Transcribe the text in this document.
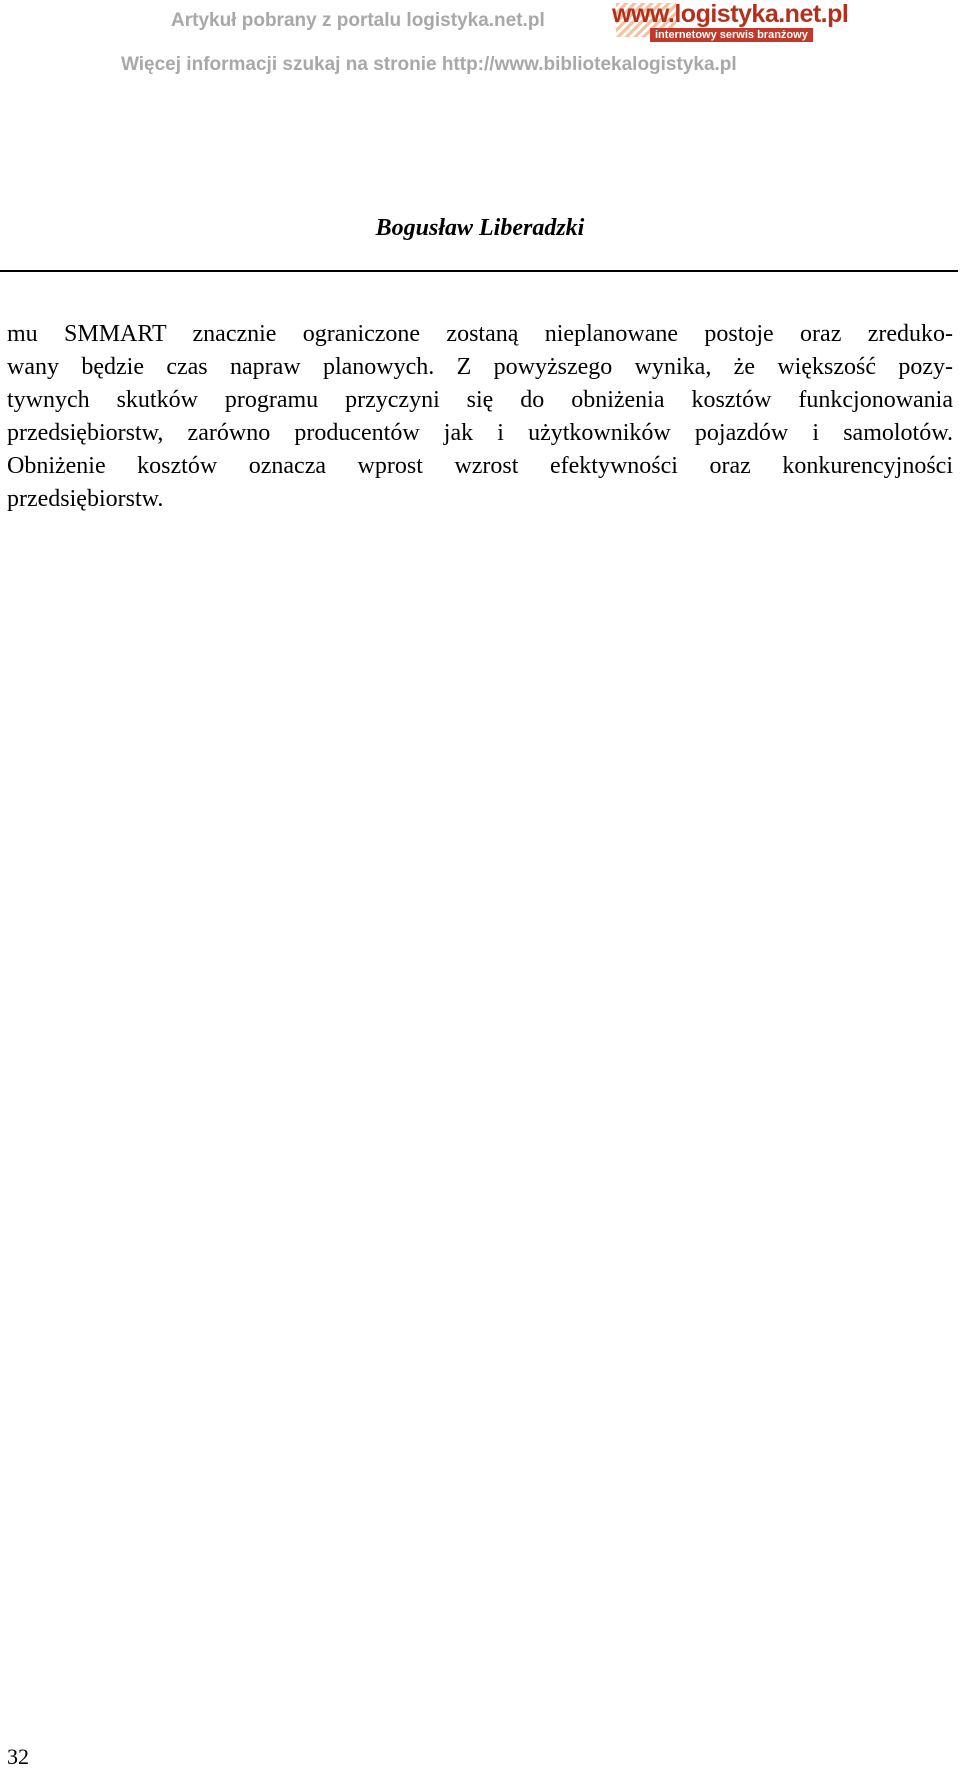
Artykuł pobrany z portalu logistyka.net.pl
Więcej informacji szukaj na stronie http://www.bibliotekalogistyka.pl
www.logistyka.net.pl
internetowy serwis branżowy
Bogusław Liberadzki
mu SMMART znacznie ograniczone zostaną nieplanowane postoje oraz zreduko-
wany będzie czas napraw planowych. Z powyższego wynika, że większość pozy-
tywnych skutków programu przyczyni się do obniżenia kosztów funkcjonowania
przedsiębiorstw, zarówno producentów jak i użytkowników pojazdów i samolotów.
Obniżenie kosztów oznacza wprost wzrost efektywności oraz konkurencyjności
przedsiębiorstw.
32
